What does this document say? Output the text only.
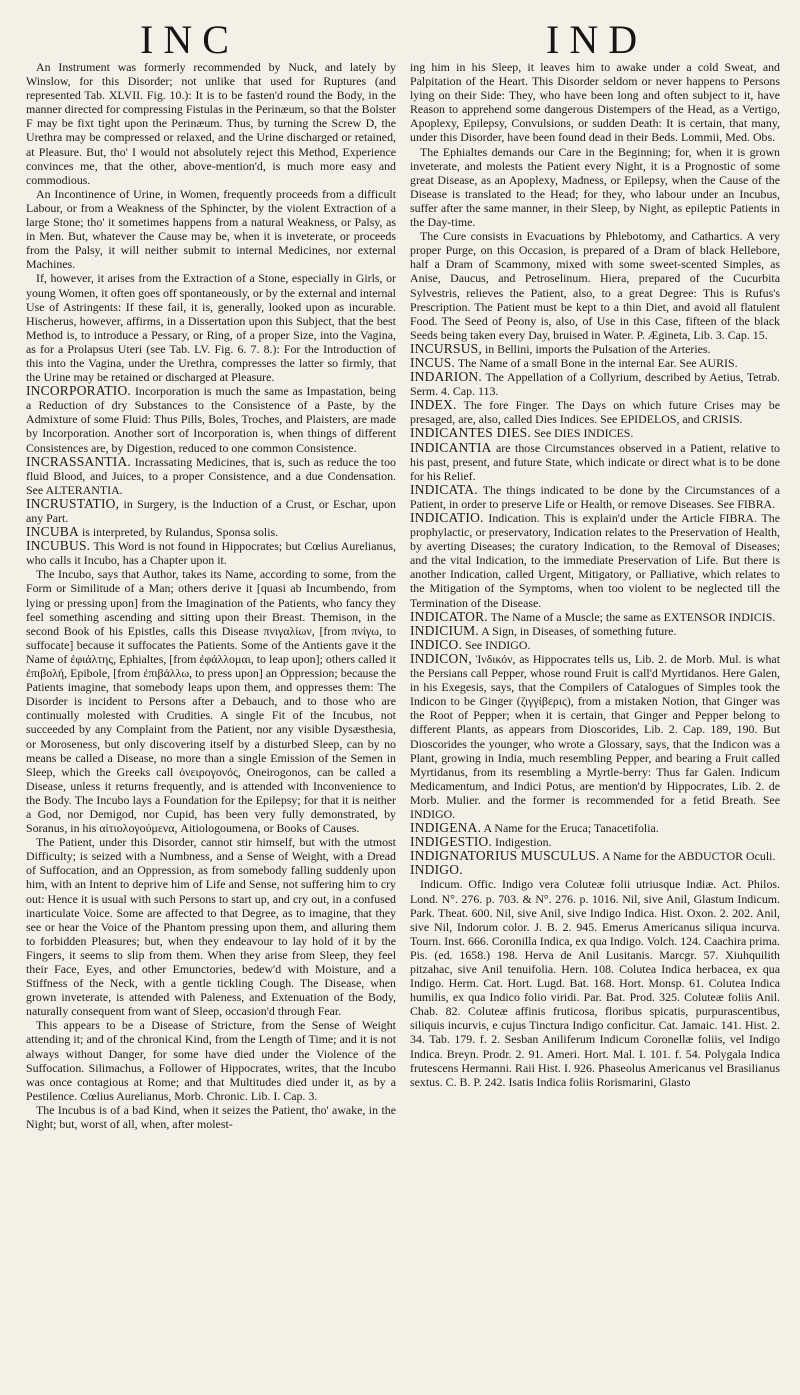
INC	IND

An Instrument was formerly recommended by Nuck, and lately by Winslow, for this Disorder; not unlike that used for Ruptures (and represented Tab. XLVII. Fig. 10.): It is to be fasten'd round the Body, in the manner directed for compressing Fistulas in the Perinæum, so that the Bolster F may be fixt tight upon the Perinæum. Thus, by turning the Screw D, the Urethra may be compressed or relaxed, and the Urine discharged or retained, at Pleasure. But, tho' I would not absolutely reject this Method, Experience convinces me, that the other, above-mention'd, is much more easy and commodious.

An Incontinence of Urine, in Women, frequently proceeds from a difficult Labour, or from a Weakness of the Sphincter, by the violent Extraction of a large Stone; tho' it sometimes happens from a natural Weakness, or Palsy, as in Men. But, whatever the Cause may be, when it is inveterate, or proceeds from the Palsy, it will neither submit to internal Medicines, nor external Machines.

If, however, it arises from the Extraction of a Stone, especially in Girls, or young Women, it often goes off spontaneously, or by the external and internal Use of Astringents: If these fail, it is, generally, looked upon as incurable. Hischerus, however, affirms, in a Dissertation upon this Subject, that the best Method is, to introduce a Pessary, or Ring, of a proper Size, into the Vagina, as for a Prolapsus Uteri (see Tab. LV. Fig. 6. 7. 8.): For the Introduction of this into the Vagina, under the Urethra, compresses the latter so firmly, that the Urine may be retained or discharged at Pleasure.

INCORPORATIO. Incorporation is much the same as Impastation, being a Reduction of dry Substances to the Consistence of a Paste, by the Admixture of some Fluid: Thus Pills, Boles, Troches, and Plaisters, are made by Incorporation. Another sort of Incorporation is, when things of different Consistences are, by Digestion, reduced to one common Consistence.

INCRASSANTIA. Incrassating Medicines, that is, such as reduce the too fluid Blood, and Juices, to a proper Consistence, and a due Condensation. See ALTERANTIA.

INCRUSTATIO, in Surgery, is the Induction of a Crust, or Eschar, upon any Part.

INCUBA is interpreted, by Rulandus, Sponsa solis.

INCUBUS. This Word is not found in Hippocrates; but Cœlius Aurelianus, who calls it Incubo, has a Chapter upon it.

The Incubo, says that Author, takes its Name, according to some, from the Form or Similitude of a Man; others derive it [quasi ab Incumbendo, from lying or pressing upon] from the Imagination of the Patients, who fancy they feel something ascending and sitting upon their Breast. Themison, in the second Book of his Epistles, calls this Disease πνιγαλίων, [from πνίγω, to suffocate] because it suffocates the Patients. Some of the Antients gave it the Name of ἐφιάλτης, Ephialtes, [from ἐφάλλομαι, to leap upon]; others called it ἐπιβολή, Epibole, [from ἐπιβάλλω, to press upon] an Oppression; because the Patients imagine, that somebody leaps upon them, and oppresses them: The Disorder is incident to Persons after a Debauch, and to those who are continually molested with Crudities. A single Fit of the Incubus, not succeeded by any Complaint from the Patient, nor any visible Dysæsthesia, or Moroseness, but only discovering itself by a disturbed Sleep, can by no means be called a Disease, no more than a single Emission of the Semen in Sleep, which the Greeks call ὀνειρογονός, Oneirogonos, can be called a Disease, unless it returns frequently, and is attended with Inconvenience to the Body. The Incubo lays a Foundation for the Epilepsy; for that it is neither a God, nor Demigod, nor Cupid, has been very fully demonstrated, by Soranus, in his αἰτιολογούμενα, Aitiologoumena, or Books of Causes.

The Patient, under this Disorder, cannot stir himself, but with the utmost Difficulty; is seized with a Numbness, and a Sense of Weight, with a Dread of Suffocation, and an Oppression, as from somebody falling suddenly upon him, with an Intent to deprive him of Life and Sense, not suffering him to cry out: Hence it is usual with such Persons to start up, and cry out, in a confused inarticulate Voice. Some are affected to that Degree, as to imagine, that they see or hear the Voice of the Phantom pressing upon them, and alluring them to forbidden Pleasures; but, when they endeavour to lay hold of it by the Fingers, it seems to slip from them. When they arise from Sleep, they feel their Face, Eyes, and other Emunctories, bedew'd with Moisture, and a Stiffness of the Neck, with a gentle tickling Cough. The Disease, when grown inveterate, is attended with Paleness, and Extenuation of the Body, naturally consequent from want of Sleep, occasion'd through Fear.

This appears to be a Disease of Stricture, from the Sense of Weight attending it; and of the chronical Kind, from the Length of Time; and it is not always without Danger, for some have died under the Violence of the Suffocation. Silimachus, a Follower of Hippocrates, writes, that the Incubo was once contagious at Rome; and that Multitudes died under it, as by a Pestilence. Cœlius Aurelianus, Morb. Chronic. Lib. I. Cap. 3.

The Incubus is of a bad Kind, when it seizes the Patient, tho' awake, in the Night; but, worst of all, when, after molest-

ing him in his Sleep, it leaves him to awake under a cold Sweat, and Palpitation of the Heart. This Disorder seldom or never happens to Persons lying on their Side: They, who have been long and often subject to it, have Reason to apprehend some dangerous Distempers of the Head, as a Vertigo, Apoplexy, Epilepsy, Convulsions, or sudden Death: It is certain, that many, under this Disorder, have been found dead in their Beds. Lommii, Med. Obs.

The Ephialtes demands our Care in the Beginning; for, when it is grown inveterate, and molests the Patient every Night, it is a Prognostic of some great Disease, as an Apoplexy, Madness, or Epilepsy, when the Cause of the Disease is translated to the Head; for they, who labour under an Incubus, suffer after the same manner, in their Sleep, by Night, as epileptic Patients in the Day-time.

The Cure consists in Evacuations by Phlebotomy, and Cathartics. A very proper Purge, on this Occasion, is prepared of a Dram of black Hellebore, half a Dram of Scammony, mixed with some sweet-scented Simples, as Anise, Daucus, and Petroselinum. Hiera, prepared of the Cucurbita Sylvestris, relieves the Patient, also, to a great Degree: This is Rufus's Prescription. The Patient must be kept to a thin Diet, and avoid all flatulent Food. The Seed of Peony is, also, of Use in this Case, fifteen of the black Seeds being taken every Day, bruised in Water. P. Ægineta, Lib. 3. Cap. 15.

INCURSUS, in Bellini, imports the Pulsation of the Arteries.

INCUS. The Name of a small Bone in the internal Ear. See AURIS.

INDARION. The Appellation of a Collyrium, described by Aetius, Tetrab. Serm. 4. Cap. 113.

INDEX. The fore Finger. The Days on which future Crises may be presaged, are, also, called Dies Indices. See EPIDELOS, and CRISIS.

INDICANTES DIES. See DIES INDICES.

INDICANTIA are those Circumstances observed in a Patient, relative to his past, present, and future State, which indicate or direct what is to be done for his Relief.

INDICATA. The things indicated to be done by the Circumstances of a Patient, in order to preserve Life or Health, or remove Diseases. See FIBRA.

INDICATIO. Indication. This is explain'd under the Article FIBRA. The prophylactic, or preservatory, Indication relates to the Preservation of Health, by averting Diseases; the curatory Indication, to the Removal of Diseases; and the vital Indication, to the immediate Preservation of Life. But there is another Indication, called Urgent, Mitigatory, or Palliative, which relates to the Mitigation of the Symptoms, when too violent to be neglected till the Termination of the Disease.

INDICATOR. The Name of a Muscle; the same as EXTENSOR INDICIS.

INDICIUM. A Sign, in Diseases, of something future.

INDICO. See INDIGO.

INDICON, Ἰνδικόν, as Hippocrates tells us, Lib. 2. de Morb. Mul. is what the Persians call Pepper, whose round Fruit is call'd Myrtidanos. Here Galen, in his Exegesis, says, that the Compilers of Catalogues of Simples took the Indicon to be Ginger (ζιγγίβερις), from a mistaken Notion, that Ginger was the Root of Pepper; when it is certain, that Ginger and Pepper belong to different Plants, as appears from Dioscorides, Lib. 2. Cap. 189, 190. But Dioscorides the younger, who wrote a Glossary, says, that the Indicon was a Plant, growing in India, much resembling Pepper, and bearing a Fruit called Myrtidanus, from its resembling a Myrtle-berry: Thus far Galen. Indicum Medicamentum, and Indici Potus, are mention'd by Hippocrates, Lib. 2. de Morb. Mulier. and the former is recommended for a fetid Breath. See INDIGO.

INDIGENA. A Name for the Eruca; Tanacetifolia.

INDIGESTIO. Indigestion.

INDIGNATORIUS MUSCULUS. A Name for the ABDUCTOR Oculi.

INDIGO.

Indicum. Offic. Indigo vera Coluteæ folii utriusque Indiæ. Act. Philos. Lond. N°. 276. p. 703. & N°. 276. p. 1016. Nil, sive Anil, Glastum Indicum. Park. Theat. 600. Nil, sive Anil, sive Indigo Indica. Hist. Oxon. 2. 202. Anil, sive Nil, Indorum color. J. B. 2. 945. Emerus Americanus siliqua incurva. Tourn. Inst. 666. Coronilla Indica, ex qua Indigo. Volch. 124. Caachira prima. Pis. (ed. 1658.) 198. Herva de Anil Lusitanis. Marcgr. 57. Xiuhquilith pitzahac, sive Anil tenuifolia. Hern. 108. Colutea Indica herbacea, ex qua Indigo. Herm. Cat. Hort. Lugd. Bat. 168. Hort. Monsp. 61. Colutea Indica humilis, ex qua Indico folio viridi. Par. Bat. Prod. 325. Coluteæ foliis Anil. Chab. 82. Coluteæ affinis fruticosa, floribus spicatis, purpurascentibus, siliquis incurvis, e cujus Tinctura Indigo conficitur. Cat. Jamaic. 141. Hist. 2. 34. Tab. 179. f. 2. Sesban Aniliferum Indicum Coronellæ foliis, vel Indigo Indica. Breyn. Prodr. 2. 91. Ameri. Hort. Mal. I. 101. f. 54. Polygala Indica frutescens Hermanni. Raii Hist. I. 926. Phaseolus Americanus vel Brasilianus sextus. C. B. P. 242. Isatis Indica foliis Rorismarini, Glasto
